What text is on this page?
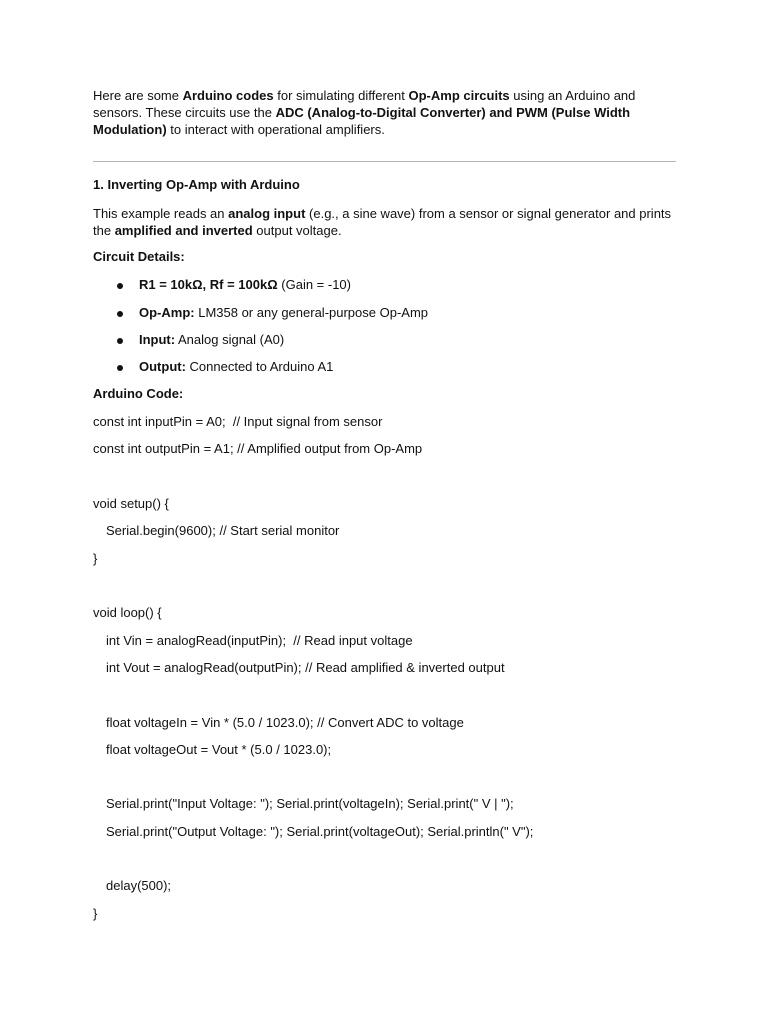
Here are some Arduino codes for simulating different Op-Amp circuits using an Arduino and sensors. These circuits use the ADC (Analog-to-Digital Converter) and PWM (Pulse Width Modulation) to interact with operational amplifiers.

1. Inverting Op-Amp with Arduino

This example reads an analog input (e.g., a sine wave) from a sensor or signal generator and prints the amplified and inverted output voltage.

Circuit Details:

R1 = 10kΩ, Rf = 100kΩ (Gain = -10)

Op-Amp: LM358 or any general-purpose Op-Amp

Input: Analog signal (A0)

Output: Connected to Arduino A1

Arduino Code:

const int inputPin = A0;  // Input signal from sensor

const int outputPin = A1; // Amplified output from Op-Amp

void setup() {

Serial.begin(9600); // Start serial monitor

}

void loop() {

int Vin = analogRead(inputPin);  // Read input voltage

int Vout = analogRead(outputPin); // Read amplified & inverted output

float voltageIn = Vin * (5.0 / 1023.0); // Convert ADC to voltage

float voltageOut = Vout * (5.0 / 1023.0);

Serial.print("Input Voltage: "); Serial.print(voltageIn); Serial.print(" V | ");

Serial.print("Output Voltage: "); Serial.print(voltageOut); Serial.println(" V");

delay(500);

}
